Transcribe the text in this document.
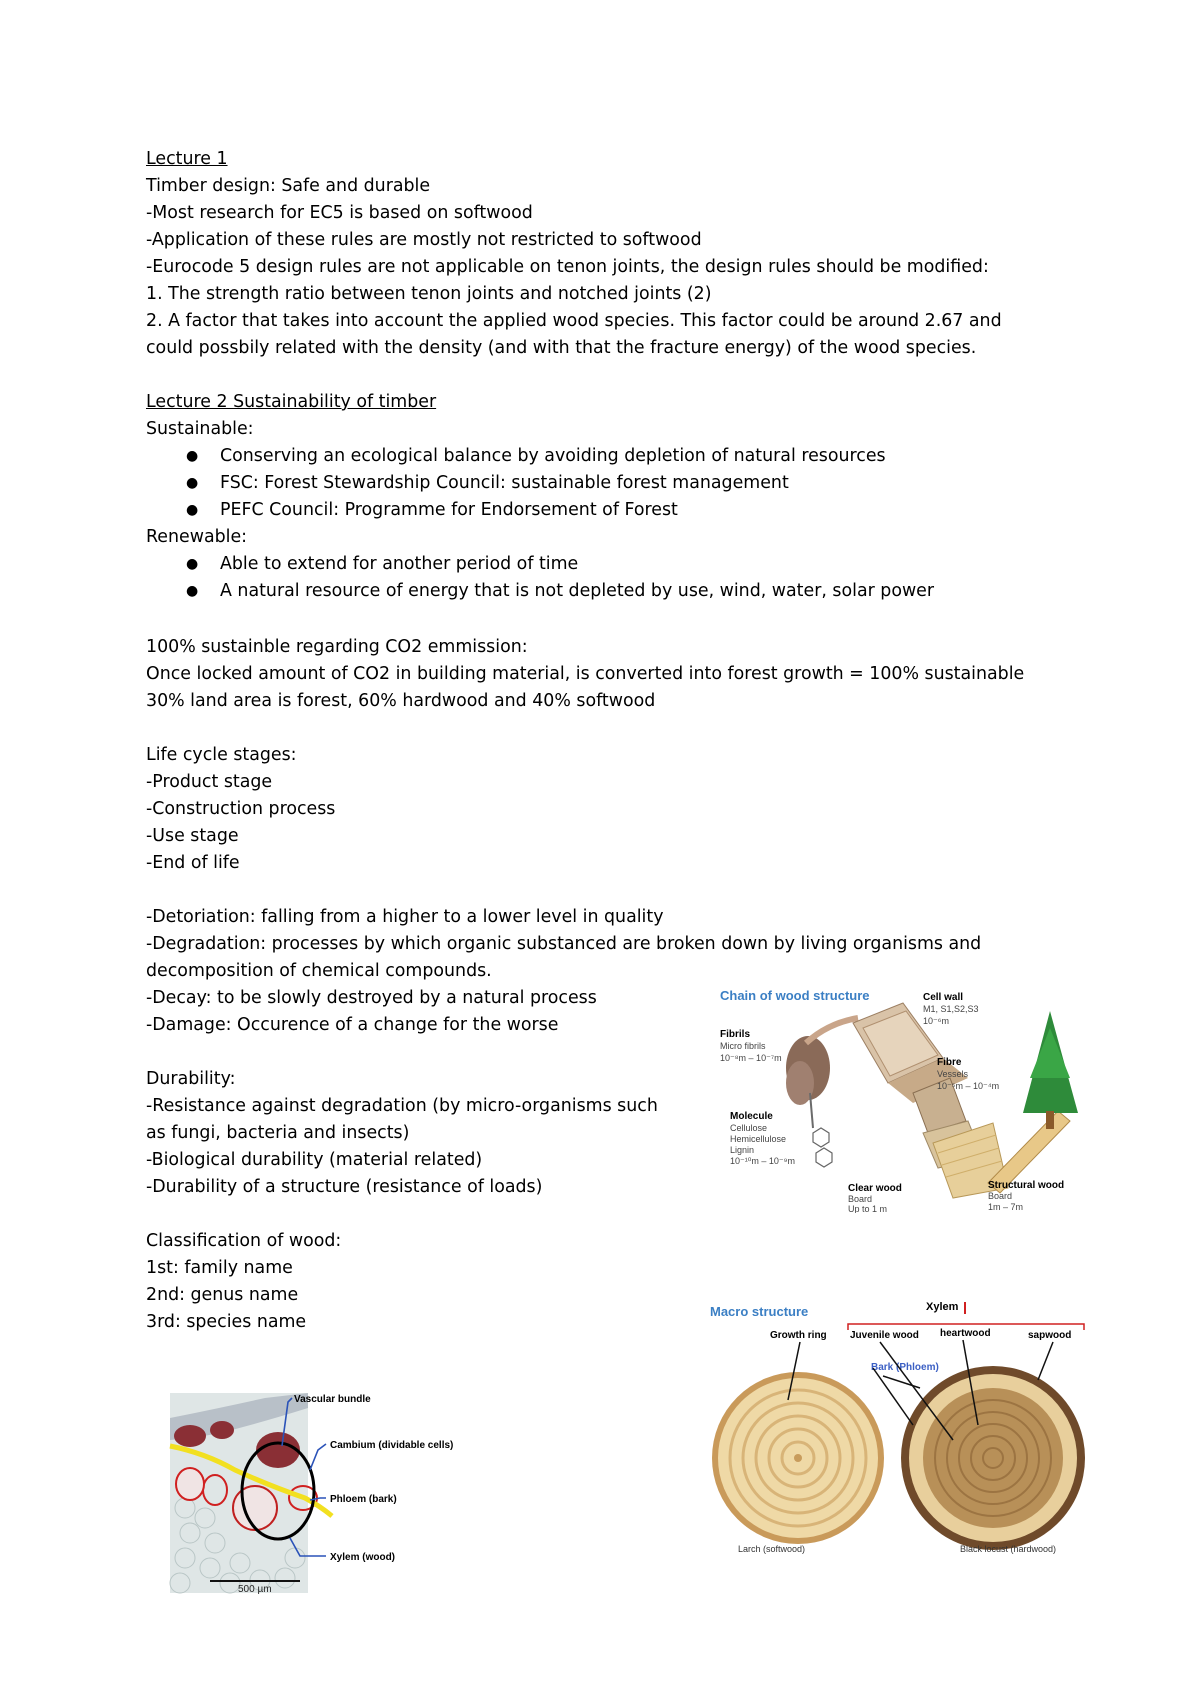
Lecture 1
Timber design: Safe and durable
-Most research for EC5 is based on softwood
-Application of these rules are mostly not restricted to softwood
-Eurocode 5 design rules are not applicable on tenon joints, the design rules should be modified:
1. The strength ratio between tenon joints and notched joints (2)
2. A factor that takes into account the applied wood species. This factor could be around 2.67 and
could possbily related with the density (and with that the fracture energy) of the wood species.
Lecture 2 Sustainability of timber
Sustainable:
● Conserving an ecological balance by avoiding depletion of natural resources
● FSC: Forest Stewardship Council: sustainable forest management
● PEFC Council: Programme for Endorsement of Forest
Renewable:
● Able to extend for another period of time
● A natural resource of energy that is not depleted by use, wind, water, solar power
100% sustainble regarding CO2 emmission:
Once locked amount of CO2 in building material, is converted into forest growth = 100% sustainable
30% land area is forest, 60% hardwood and 40% softwood
Life cycle stages:
-Product stage
-Construction process
-Use stage
-End of life
-Detoriation: falling from a higher to a lower level in quality
-Degradation: processes by which organic substanced are broken down by living organisms and
decomposition of chemical compounds.
-Decay: to be slowly destroyed by a natural process
-Damage: Occurence of a change for the worse
Durability:
-Resistance against degradation (by micro-organisms such
as fungi, bacteria and insects)
-Biological durability (material related)
-Durability of a structure (resistance of loads)
Classification of wood:
1st: family name
2nd: genus name
3rd: species name
Chain of wood structure
Fibrils
Micro fibrils
10⁻⁸m – 10⁻⁷m
Cell wall
M1, S1,S2,S3
10⁻⁶m
Fibre
Vessels
10⁻⁵m – 10⁻⁴m
Molecule
Cellulose
Hemicellulose
Lignin
10⁻¹⁰m – 10⁻⁹m
Clear wood
Board
Up to 1 m
Structural wood
Board
1m – 7m
Macro structure	Xylem
Growth ring Juvenile wood heartwood	sapwood
Bark (Phloem)
Larch (softwood)	Black locust (hardwood)
500 µm
Vascular bundle
Cambium (dividable cells)
Phloem (bark)
Xylem (wood)
